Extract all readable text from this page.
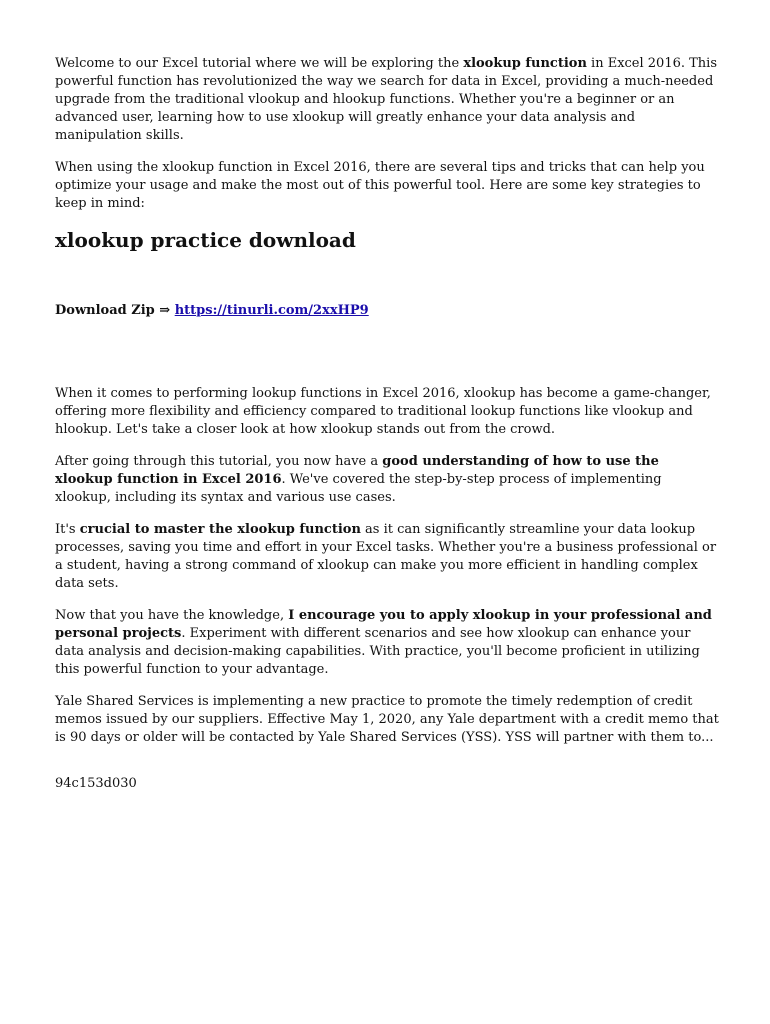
Welcome to our Excel tutorial where we will be exploring the xlookup function in Excel 2016. This powerful function has revolutionized the way we search for data in Excel, providing a much-needed upgrade from the traditional vlookup and hlookup functions. Whether you're a beginner or an advanced user, learning how to use xlookup will greatly enhance your data analysis and manipulation skills.

When using the xlookup function in Excel 2016, there are several tips and tricks that can help you optimize your usage and make the most out of this powerful tool. Here are some key strategies to keep in mind:

xlookup practice download

Download Zip ⇒ https://tinurli.com/2xxHP9

When it comes to performing lookup functions in Excel 2016, xlookup has become a game-changer, offering more flexibility and efficiency compared to traditional lookup functions like vlookup and hlookup. Let's take a closer look at how xlookup stands out from the crowd.

After going through this tutorial, you now have a good understanding of how to use the xlookup function in Excel 2016. We've covered the step-by-step process of implementing xlookup, including its syntax and various use cases.

It's crucial to master the xlookup function as it can significantly streamline your data lookup processes, saving you time and effort in your Excel tasks. Whether you're a business professional or a student, having a strong command of xlookup can make you more efficient in handling complex data sets.

Now that you have the knowledge, I encourage you to apply xlookup in your professional and personal projects. Experiment with different scenarios and see how xlookup can enhance your data analysis and decision-making capabilities. With practice, you'll become proficient in utilizing this powerful function to your advantage.

Yale Shared Services is implementing a new practice to promote the timely redemption of credit memos issued by our suppliers. Effective May 1, 2020, any Yale department with a credit memo that is 90 days or older will be contacted by Yale Shared Services (YSS). YSS will partner with them to...

94c153d030
